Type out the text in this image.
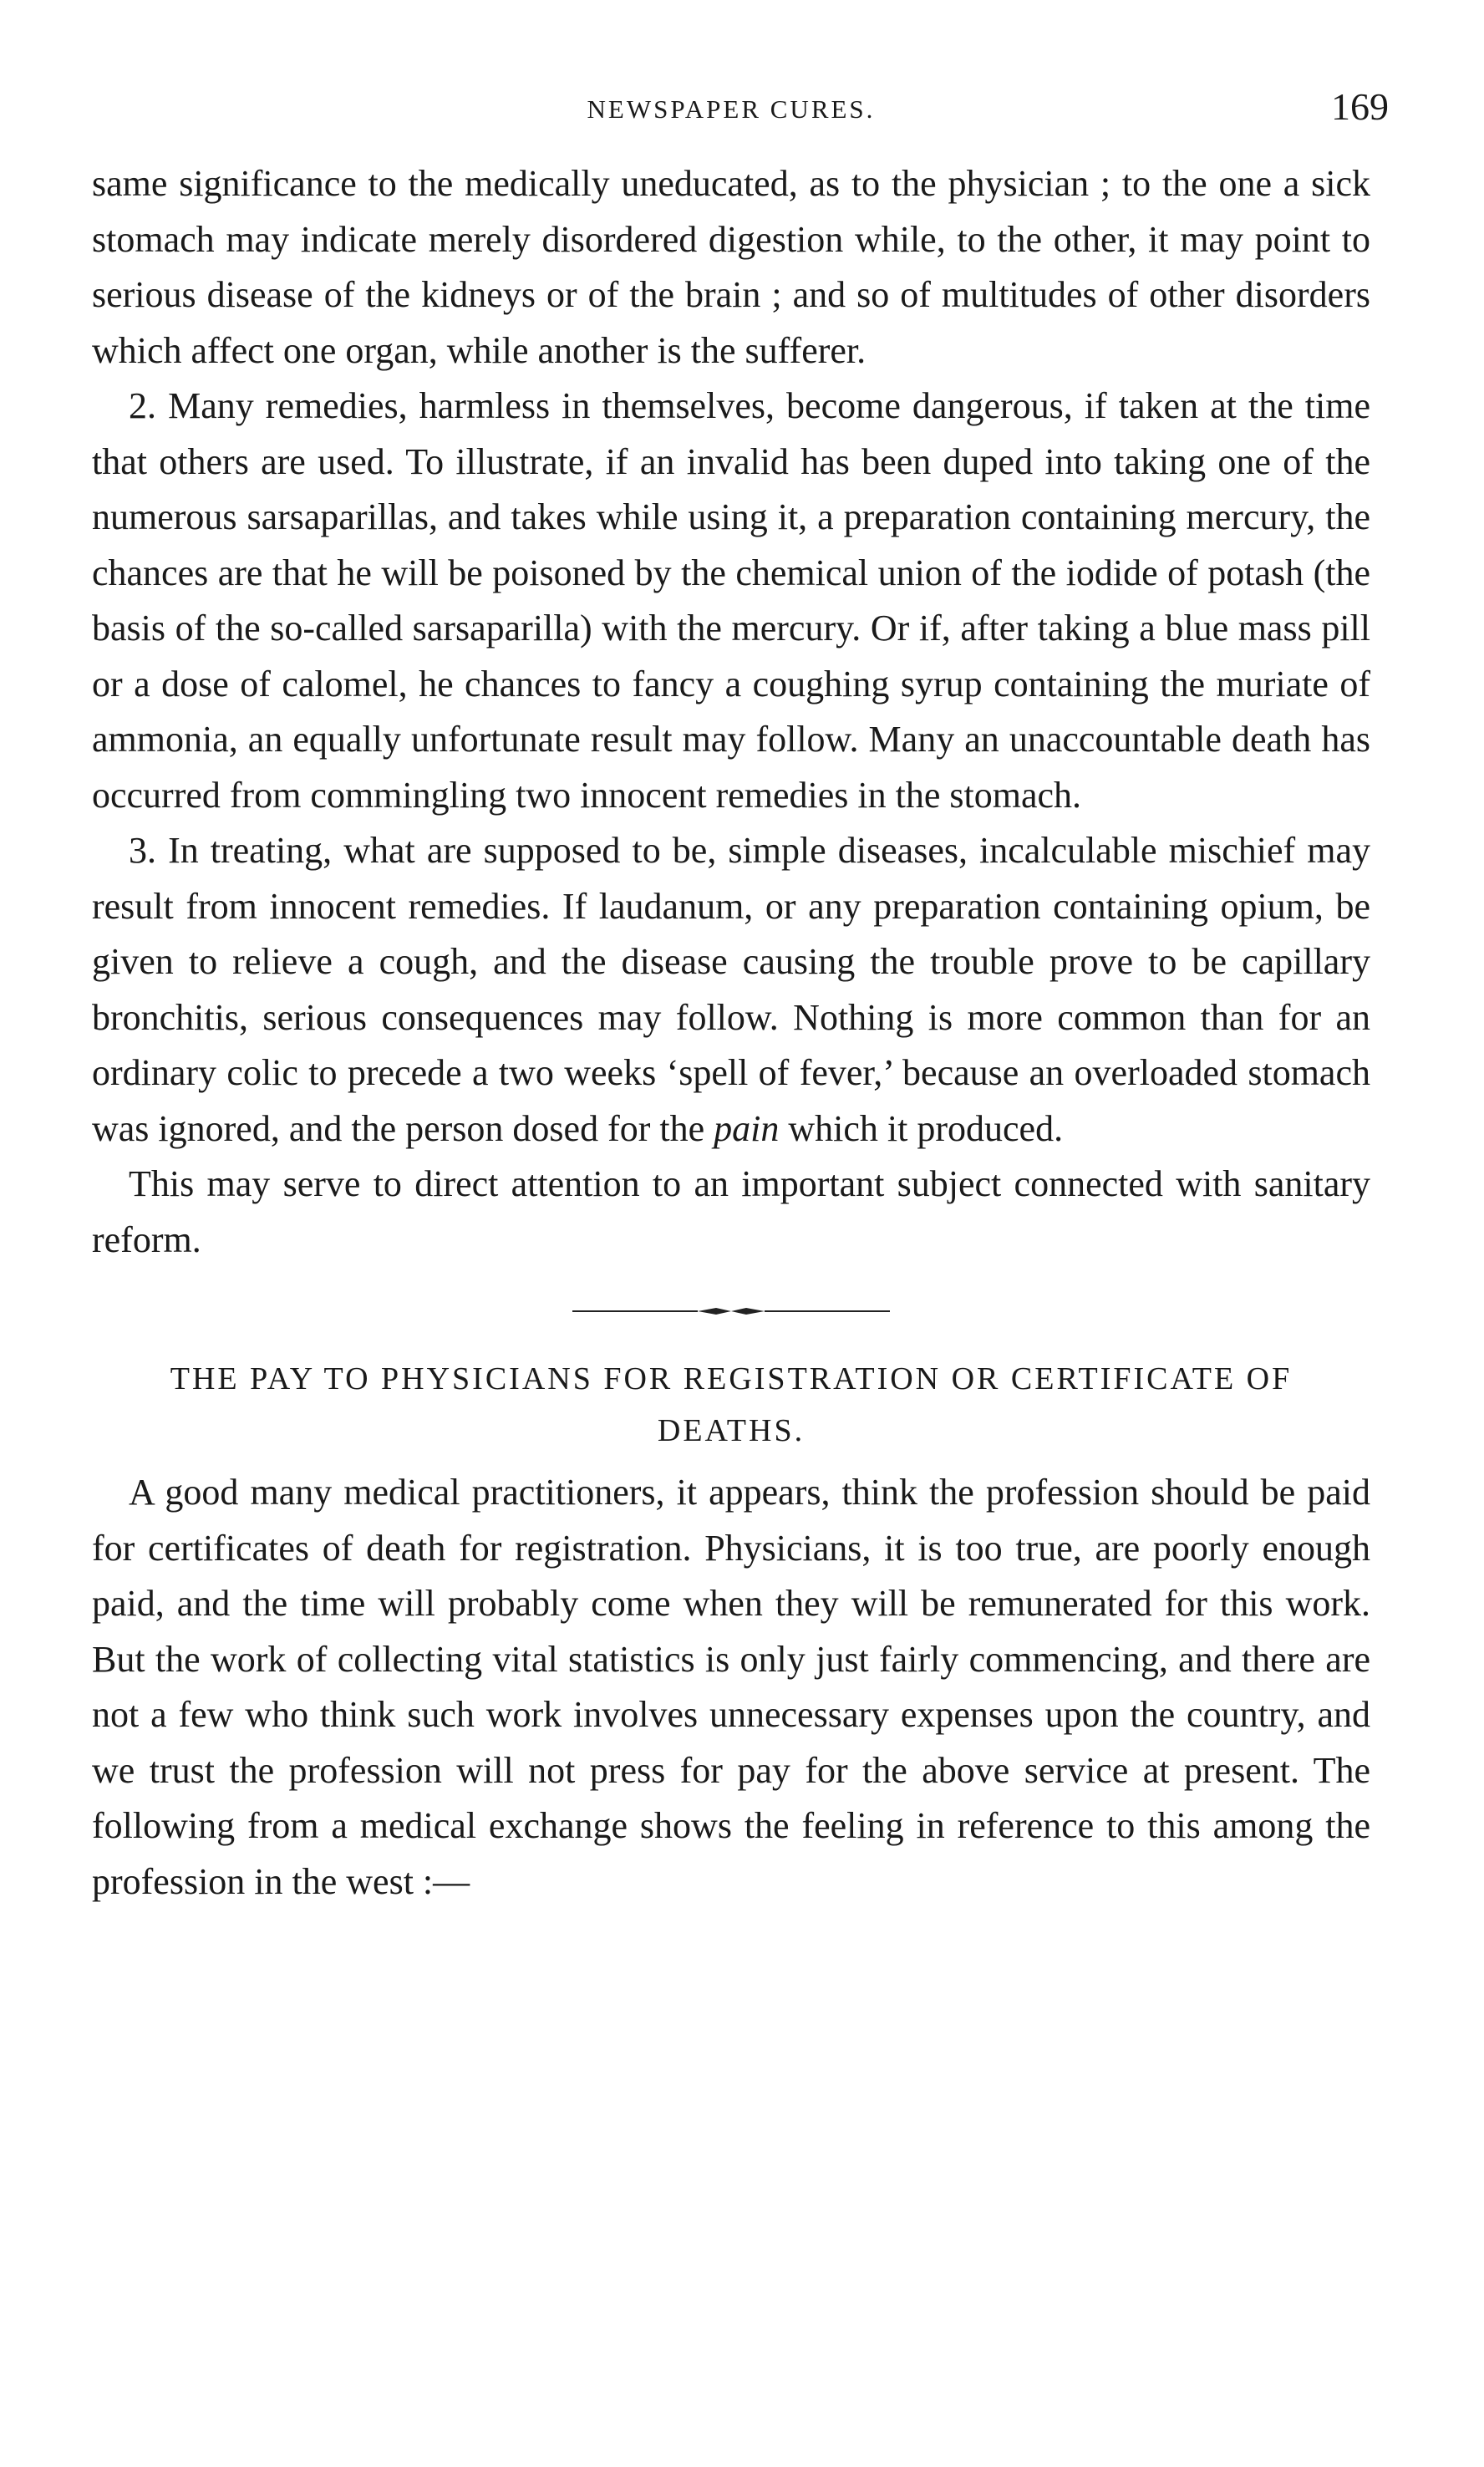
NEWSPAPER CURES.	169

same significance to the medically uneducated, as to the physician ; to the one a sick stomach may indicate merely disordered digestion while, to the other, it may point to serious disease of the kidneys or of the brain ; and so of multitudes of other disorders which affect one organ, while another is the sufferer.

2. Many remedies, harmless in themselves, become dangerous, if taken at the time that others are used. To illustrate, if an invalid has been duped into taking one of the numerous sarsaparillas, and takes while using it, a preparation containing mercury, the chances are that he will be poisoned by the chemical union of the iodide of potash (the basis of the so-called sarsaparilla) with the mercury. Or if, after taking a blue mass pill or a dose of calomel, he chances to fancy a coughing syrup containing the muriate of ammonia, an equally unfortunate result may follow. Many an unaccountable death has occurred from commingling two innocent remedies in the stomach.

3. In treating, what are supposed to be, simple diseases, incalculable mischief may result from innocent remedies. If laudanum, or any preparation containing opium, be given to relieve a cough, and the disease causing the trouble prove to be capillary bronchitis, serious consequences may follow. Nothing is more common than for an ordinary colic to precede a two weeks ‘spell of fever,’ because an overloaded stomach was ignored, and the person dosed for the pain which it produced.

This may serve to direct attention to an important subject connected with sanitary reform.

THE PAY TO PHYSICIANS FOR REGISTRATION OR CERTIFICATE OF DEATHS.

A good many medical practitioners, it appears, think the profession should be paid for certificates of death for registration. Physicians, it is too true, are poorly enough paid, and the time will probably come when they will be remunerated for this work. But the work of collecting vital statistics is only just fairly commencing, and there are not a few who think such work involves unnecessary expenses upon the country, and we trust the profession will not press for pay for the above service at present. The following from a medical exchange shows the feeling in reference to this among the profession in the west :—
